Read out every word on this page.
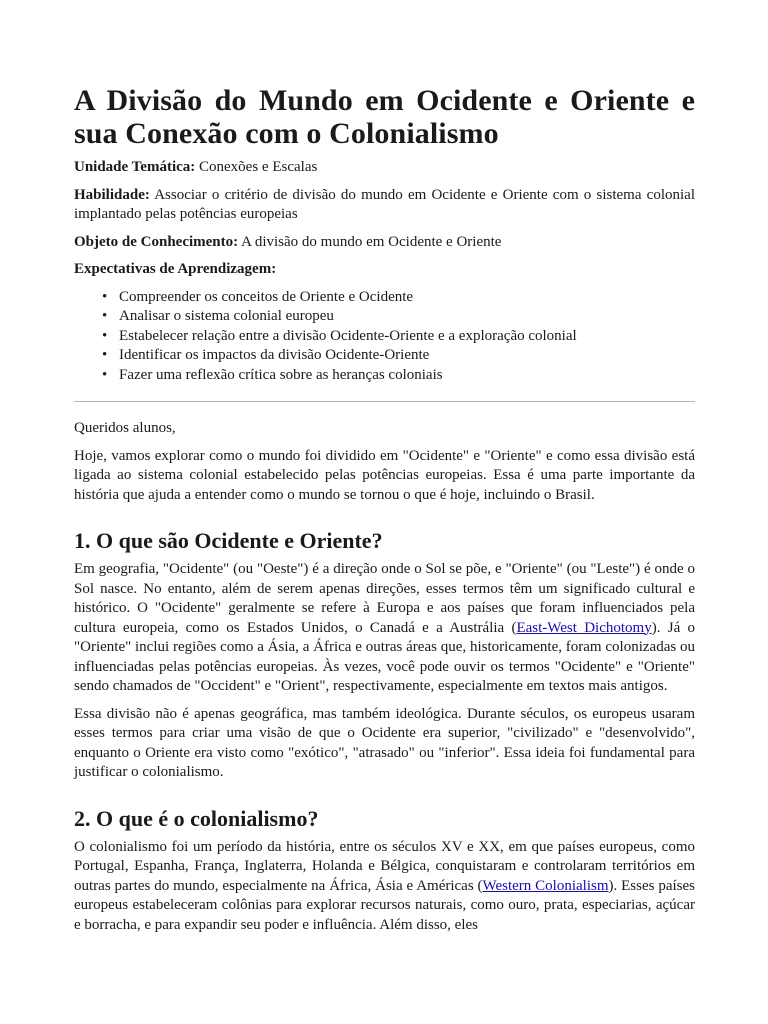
A Divisão do Mundo em Ocidente e Oriente e sua Conexão com o Colonialismo

Unidade Temática: Conexões e Escalas

Habilidade: Associar o critério de divisão do mundo em Ocidente e Oriente com o sistema colonial implantado pelas potências europeias

Objeto de Conhecimento: A divisão do mundo em Ocidente e Oriente

Expectativas de Aprendizagem:

• Compreender os conceitos de Oriente e Ocidente
• Analisar o sistema colonial europeu
• Estabelecer relação entre a divisão Ocidente-Oriente e a exploração colonial
• Identificar os impactos da divisão Ocidente-Oriente
• Fazer uma reflexão crítica sobre as heranças coloniais

Queridos alunos,

Hoje, vamos explorar como o mundo foi dividido em "Ocidente" e "Oriente" e como essa divisão está ligada ao sistema colonial estabelecido pelas potências europeias. Essa é uma parte importante da história que ajuda a entender como o mundo se tornou o que é hoje, incluindo o Brasil.

1. O que são Ocidente e Oriente?

Em geografia, "Ocidente" (ou "Oeste") é a direção onde o Sol se põe, e "Oriente" (ou "Leste") é onde o Sol nasce. No entanto, além de serem apenas direções, esses termos têm um significado cultural e histórico. O "Ocidente" geralmente se refere à Europa e aos países que foram influenciados pela cultura europeia, como os Estados Unidos, o Canadá e a Austrália (East-West Dichotomy). Já o "Oriente" inclui regiões como a Ásia, a África e outras áreas que, historicamente, foram colonizadas ou influenciadas pelas potências europeias. Às vezes, você pode ouvir os termos "Ocidente" e "Oriente" sendo chamados de "Occident" e "Orient", respectivamente, especialmente em textos mais antigos.

Essa divisão não é apenas geográfica, mas também ideológica. Durante séculos, os europeus usaram esses termos para criar uma visão de que o Ocidente era superior, "civilizado" e "desenvolvido", enquanto o Oriente era visto como "exótico", "atrasado" ou "inferior". Essa ideia foi fundamental para justificar o colonialismo.

2. O que é o colonialismo?

O colonialismo foi um período da história, entre os séculos XV e XX, em que países europeus, como Portugal, Espanha, França, Inglaterra, Holanda e Bélgica, conquistaram e controlaram territórios em outras partes do mundo, especialmente na África, Ásia e Américas (Western Colonialism). Esses países europeus estabeleceram colônias para explorar recursos naturais, como ouro, prata, especiarias, açúcar e borracha, e para expandir seu poder e influência. Além disso, eles
